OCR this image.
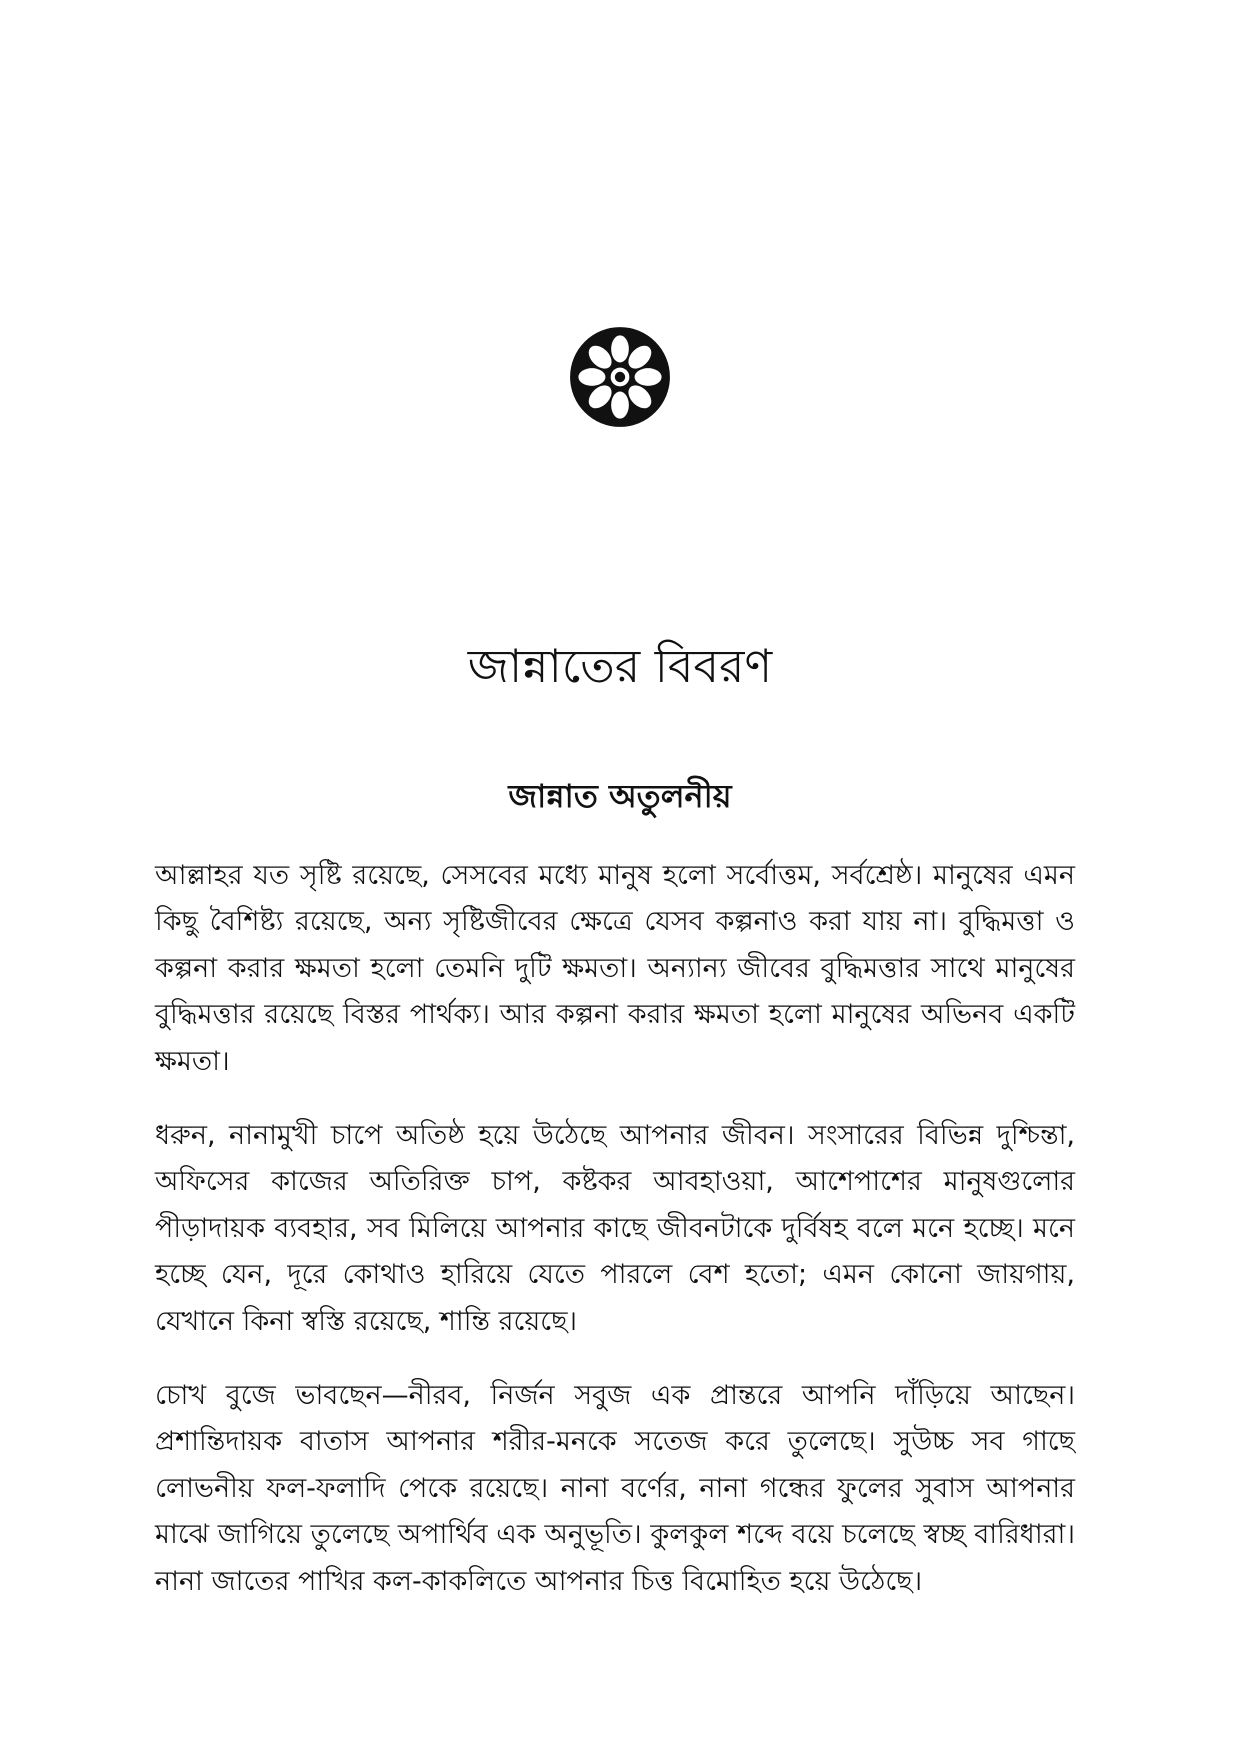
জান্নাতের বিবরণ
জান্নাত অতুলনীয়

আল্লাহর যত সৃষ্টি রয়েছে, সেসবের মধ্যে মানুষ হলো সর্বোত্তম, সর্বশ্রেষ্ঠ। মানুষের এমন কিছু বৈশিষ্ট্য রয়েছে, অন্য সৃষ্টিজীবের ক্ষেত্রে যেসব কল্পনাও করা যায় না। বুদ্ধিমত্তা ও কল্পনা করার ক্ষমতা হলো তেমনি দুটি ক্ষমতা। অন্যান্য জীবের বুদ্ধিমত্তার সাথে মানুষের বুদ্ধিমত্তার রয়েছে বিস্তর পার্থক্য। আর কল্পনা করার ক্ষমতা হলো মানুষের অভিনব একটি ক্ষমতা।

ধরুন, নানামুখী চাপে অতিষ্ঠ হয়ে উঠেছে আপনার জীবন। সংসারের বিভিন্ন দুশ্চিন্তা, অফিসের কাজের অতিরিক্ত চাপ, কষ্টকর আবহাওয়া, আশেপাশের মানুষগুলোর পীড়াদায়ক ব্যবহার, সব মিলিয়ে আপনার কাছে জীবনটাকে দুর্বিষহ বলে মনে হচ্ছে। মনে হচ্ছে যেন, দূরে কোথাও হারিয়ে যেতে পারলে বেশ হতো; এমন কোনো জায়গায়, যেখানে কিনা স্বস্তি রয়েছে, শান্তি রয়েছে।

চোখ বুজে ভাবছেন—নীরব, নির্জন সবুজ এক প্রান্তরে আপনি দাঁড়িয়ে আছেন। প্রশান্তিদায়ক বাতাস আপনার শরীর-মনকে সতেজ করে তুলেছে। সুউচ্চ সব গাছে লোভনীয় ফল-ফলাদি পেকে রয়েছে। নানা বর্ণের, নানা গন্ধের ফুলের সুবাস আপনার মাঝে জাগিয়ে তুলেছে অপার্থিব এক অনুভূতি। কুলকুল শব্দে বয়ে চলেছে স্বচ্ছ বারিধারা। নানা জাতের পাখির কল-কাকলিতে আপনার চিত্ত বিমোহিত হয়ে উঠেছে।
